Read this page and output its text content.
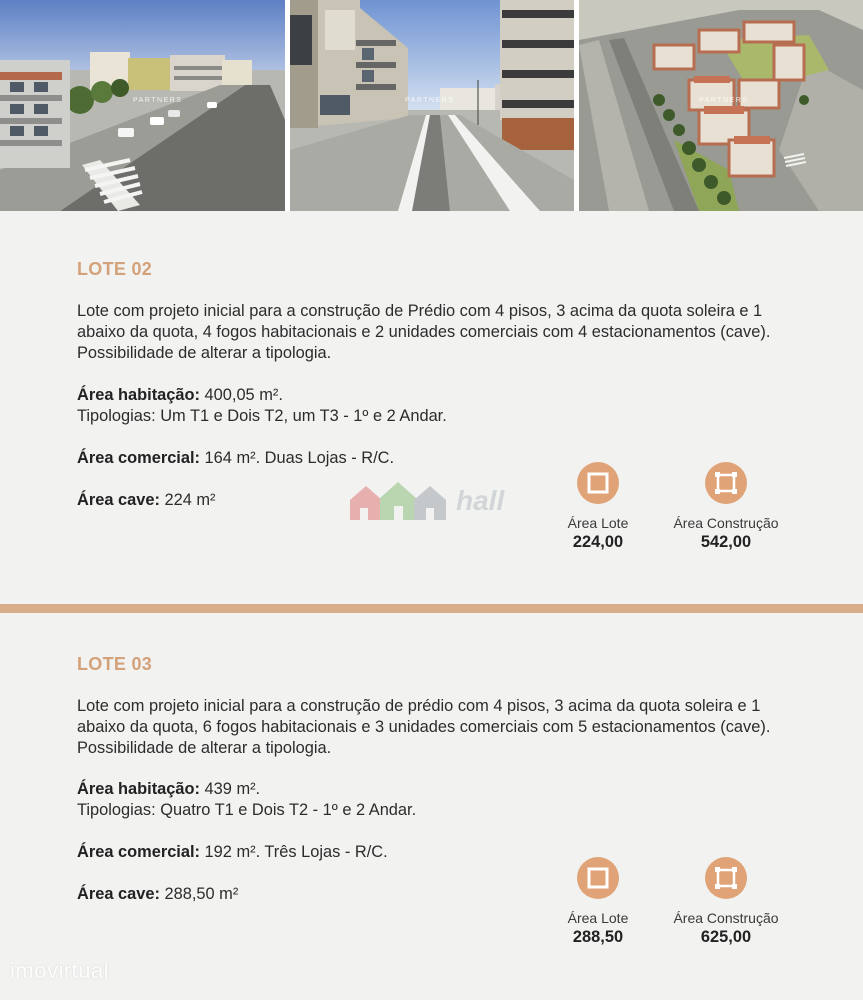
PARTNERS	PARTNERS	PARTNERS
LOTE 02

Lote com projeto inicial para a construção de Prédio com 4 pisos, 3 acima da quota soleira e 1 abaixo da quota, 4 fogos habitacionais e 2 unidades comerciais com 4 estacionamentos (cave). Possibilidade de alterar a tipologia.

Área habitação: 400,05 m².

Tipologias: Um T1 e Dois T2, um T3 - 1º e 2 Andar.

Área comercial: 164 m². Duas Lojas - R/C.

Área cave: 224 m²

Área Lote
224,00
Área Construção
542,00
LOTE 03

Lote com projeto inicial para a construção de prédio com 4 pisos, 3 acima da quota soleira e 1 abaixo da quota, 6 fogos habitacionais e 3 unidades comerciais com 5 estacionamentos (cave). Possibilidade de alterar a tipologia.

Área habitação: 439 m².

Tipologias: Quatro T1 e Dois T2 - 1º e 2 Andar.

Área comercial: 192 m². Três Lojas - R/C.

Área cave: 288,50 m²

Área Lote
288,50
Área Construção
625,00
hall
imovirtual
